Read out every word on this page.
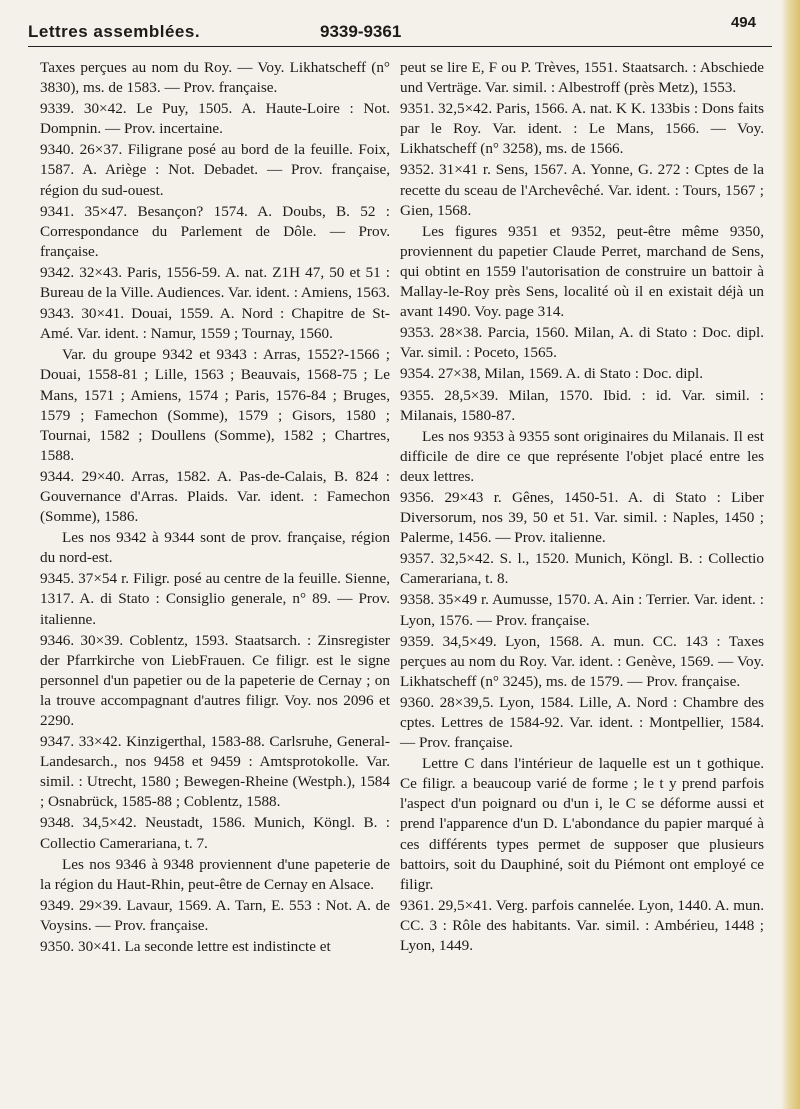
Lettres assemblées.	9339-9361	494

Taxes perçues au nom du Roy. — Voy. Likhatscheff (n° 3830), ms. de 1583. — Prov. française.

9339. 30×42. Le Puy, 1505. A. Haute-Loire : Not. Dompnin. — Prov. incertaine.

9340. 26×37. Filigrane posé au bord de la feuille. Foix, 1587. A. Ariège : Not. Debadet. — Prov. française, région du sud-ouest.

9341. 35×47. Besançon? 1574. A. Doubs, B. 52 : Correspondance du Parlement de Dôle. — Prov. française.

9342. 32×43. Paris, 1556-59. A. nat. Z1H 47, 50 et 51 : Bureau de la Ville. Audiences. Var. ident. : Amiens, 1563.

9343. 30×41. Douai, 1559. A. Nord : Chapitre de St-Amé. Var. ident. : Namur, 1559 ; Tournay, 1560.

Var. du groupe 9342 et 9343 : Arras, 1552?-1566 ; Douai, 1558-81 ; Lille, 1563 ; Beauvais, 1568-75 ; Le Mans, 1571 ; Amiens, 1574 ; Paris, 1576-84 ; Bruges, 1579 ; Famechon (Somme), 1579 ; Gisors, 1580 ; Tournai, 1582 ; Doullens (Somme), 1582 ; Chartres, 1588.

9344. 29×40. Arras, 1582. A. Pas-de-Calais, B. 824 : Gouvernance d'Arras. Plaids. Var. ident. : Famechon (Somme), 1586.

Les nos 9342 à 9344 sont de prov. française, région du nord-est.

9345. 37×54 r. Filigr. posé au centre de la feuille. Sienne, 1317. A. di Stato : Consiglio generale, n° 89. — Prov. italienne.

9346. 30×39. Coblentz, 1593. Staatsarch. : Zinsregister der Pfarrkirche von LiebFrauen. Ce filigr. est le signe personnel d'un papetier ou de la papeterie de Cernay ; on la trouve accompagnant d'autres filigr. Voy. nos 2096 et 2290.

9347. 33×42. Kinzigerthal, 1583-88. Carlsruhe, General-Landesarch., nos 9458 et 9459 : Amtsprotokolle. Var. simil. : Utrecht, 1580 ; Bewegen-Rheine (Westph.), 1584 ; Osnabrück, 1585-88 ; Coblentz, 1588.

9348. 34,5×42. Neustadt, 1586. Munich, Köngl. B. : Collectio Camerariana, t. 7.

Les nos 9346 à 9348 proviennent d'une papeterie de la région du Haut-Rhin, peut-être de Cernay en Alsace.

9349. 29×39. Lavaur, 1569. A. Tarn, E. 553 : Not. A. de Voysins. — Prov. française.

9350. 30×41. La seconde lettre est indistincte et

peut se lire E, F ou P. Trèves, 1551. Staatsarch. : Abschiede und Verträge. Var. simil. : Albestroff (près Metz), 1553.

9351. 32,5×42. Paris, 1566. A. nat. K K. 133bis : Dons faits par le Roy. Var. ident. : Le Mans, 1566. — Voy. Likhatscheff (n° 3258), ms. de 1566.

9352. 31×41 r. Sens, 1567. A. Yonne, G. 272 : Cptes de la recette du sceau de l'Archevêché. Var. ident. : Tours, 1567 ; Gien, 1568.

Les figures 9351 et 9352, peut-être même 9350, proviennent du papetier Claude Perret, marchand de Sens, qui obtint en 1559 l'autorisation de construire un battoir à Mallay-le-Roy près Sens, localité où il en existait déjà un avant 1490. Voy. page 314.

9353. 28×38. Parcia, 1560. Milan, A. di Stato : Doc. dipl. Var. simil. : Poceto, 1565.

9354. 27×38, Milan, 1569. A. di Stato : Doc. dipl.

9355. 28,5×39. Milan, 1570. Ibid. : id. Var. simil. : Milanais, 1580-87.

Les nos 9353 à 9355 sont originaires du Milanais. Il est difficile de dire ce que représente l'objet placé entre les deux lettres.

9356. 29×43 r. Gênes, 1450-51. A. di Stato : Liber Diversorum, nos 39, 50 et 51. Var. simil. : Naples, 1450 ; Palerme, 1456. — Prov. italienne.

9357. 32,5×42. S. l., 1520. Munich, Köngl. B. : Collectio Camerariana, t. 8.

9358. 35×49 r. Aumusse, 1570. A. Ain : Terrier. Var. ident. : Lyon, 1576. — Prov. française.

9359. 34,5×49. Lyon, 1568. A. mun. CC. 143 : Taxes perçues au nom du Roy. Var. ident. : Genève, 1569. — Voy. Likhatscheff (n° 3245), ms. de 1579. — Prov. française.

9360. 28×39,5. Lyon, 1584. Lille, A. Nord : Chambre des cptes. Lettres de 1584-92. Var. ident. : Montpellier, 1584. — Prov. française.

Lettre C dans l'intérieur de laquelle est un t gothique. Ce filigr. a beaucoup varié de forme ; le t y prend parfois l'aspect d'un poignard ou d'un i, le C se déforme aussi et prend l'apparence d'un D. L'abondance du papier marqué à ces différents types permet de supposer que plusieurs battoirs, soit du Dauphiné, soit du Piémont ont employé ce filigr.

9361. 29,5×41. Verg. parfois cannelée. Lyon, 1440. A. mun. CC. 3 : Rôle des habitants. Var. simil. : Ambérieu, 1448 ; Lyon, 1449.
